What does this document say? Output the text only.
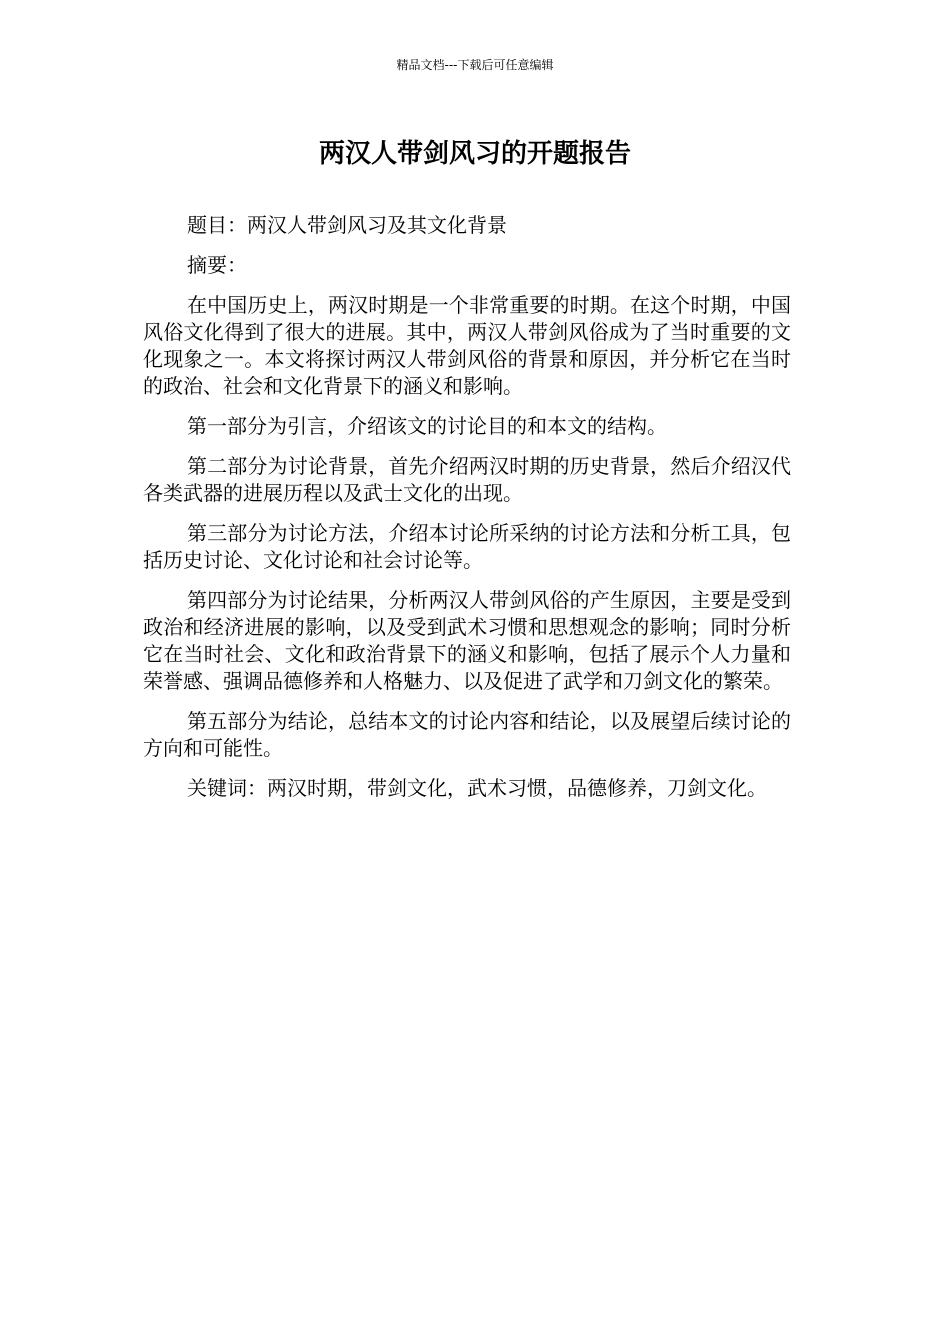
精品文档---下载后可任意编辑
两汉人带剑风习的开题报告

题目：两汉人带剑风习及其文化背景

摘要：

在中国历史上，两汉时期是一个非常重要的时期。在这个时期，中国风俗文化得到了很大的进展。其中，两汉人带剑风俗成为了当时重要的文化现象之一。本文将探讨两汉人带剑风俗的背景和原因，并分析它在当时的政治、社会和文化背景下的涵义和影响。

第一部分为引言，介绍该文的讨论目的和本文的结构。

第二部分为讨论背景，首先介绍两汉时期的历史背景，然后介绍汉代各类武器的进展历程以及武士文化的出现。

第三部分为讨论方法，介绍本讨论所采纳的讨论方法和分析工具，包括历史讨论、文化讨论和社会讨论等。

第四部分为讨论结果，分析两汉人带剑风俗的产生原因，主要是受到政治和经济进展的影响，以及受到武术习惯和思想观念的影响；同时分析它在当时社会、文化和政治背景下的涵义和影响，包括了展示个人力量和荣誉感、强调品德修养和人格魅力、以及促进了武学和刀剑文化的繁荣。

第五部分为结论，总结本文的讨论内容和结论，以及展望后续讨论的方向和可能性。

关键词：两汉时期，带剑文化，武术习惯，品德修养，刀剑文化。
